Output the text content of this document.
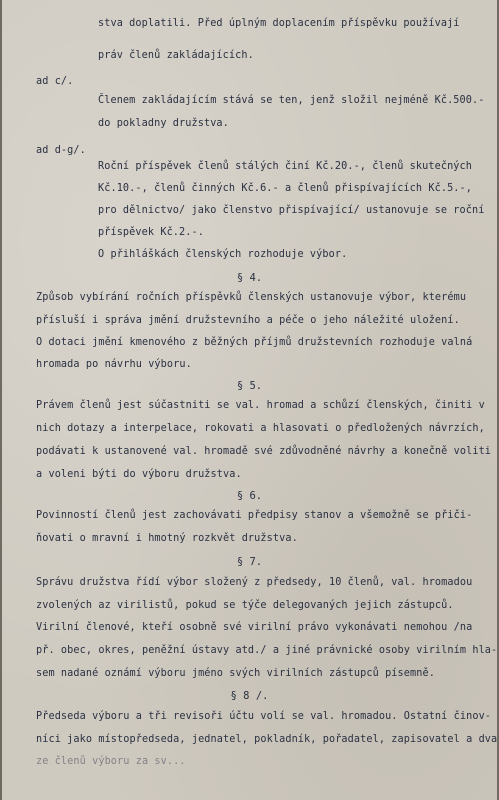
stva doplatili. Před úplným doplacením příspěvku používají
práv členů zakládajících.
ad c/.
Členem zakládajícím stává se ten, jenž složil nejméně Kč.500.-
do pokladny družstva.
ad d-g/.
Roční příspěvek členů stálých činí Kč.20.-, členů skutečných
Kč.10.-, členů činných Kč.6.- a členů přispívajících Kč.5.-,
pro dělnictvo/ jako členstvo přispívající/ ustanovuje se roční
příspěvek Kč.2.-.
O přihláškách členských rozhoduje výbor.
§ 4.
Způsob vybírání ročních příspěvků členských ustanovuje výbor, kterému
přísluší i správa jmění družstevního a péče o jeho náležité uložení.
O dotaci jmění kmenového z běžných příjmů družstevních rozhoduje valná
hromada po návrhu výboru.
§ 5.
Právem členů jest súčastniti se val. hromad a schůzí členských, činiti v
nich dotazy a interpelace, rokovati a hlasovati o předložených návrzích,
podávati k ustanovené val. hromadě své zdůvodněné návrhy a konečně voliti
a voleni býti do výboru družstva.
§ 6.
Povinností členů jest zachovávati předpisy stanov a všemožně se přiči-
ňovati o mravní i hmotný rozkvět družstva.
§ 7.
Správu družstva řídí výbor složený z předsedy, 10 členů, val. hromadou
zvolených az virilistů, pokud se týče delegovaných jejich zástupců.
Virilní členové, kteří osobně své virilní právo vykonávati nemohou /na
př. obec, okres, peněžní ústavy atd./ a jiné právnické osoby virilním hla-
sem nadané oznámí výboru jméno svých virilních zástupců písemně.
§ 8 /.
Předseda výboru a tři revisoři účtu volí se val. hromadou. Ostatní činov-
níci jako místopředseda, jednatel, pokladník, pořadatel, zapisovatel a dva
ze členů výboru za sv...
